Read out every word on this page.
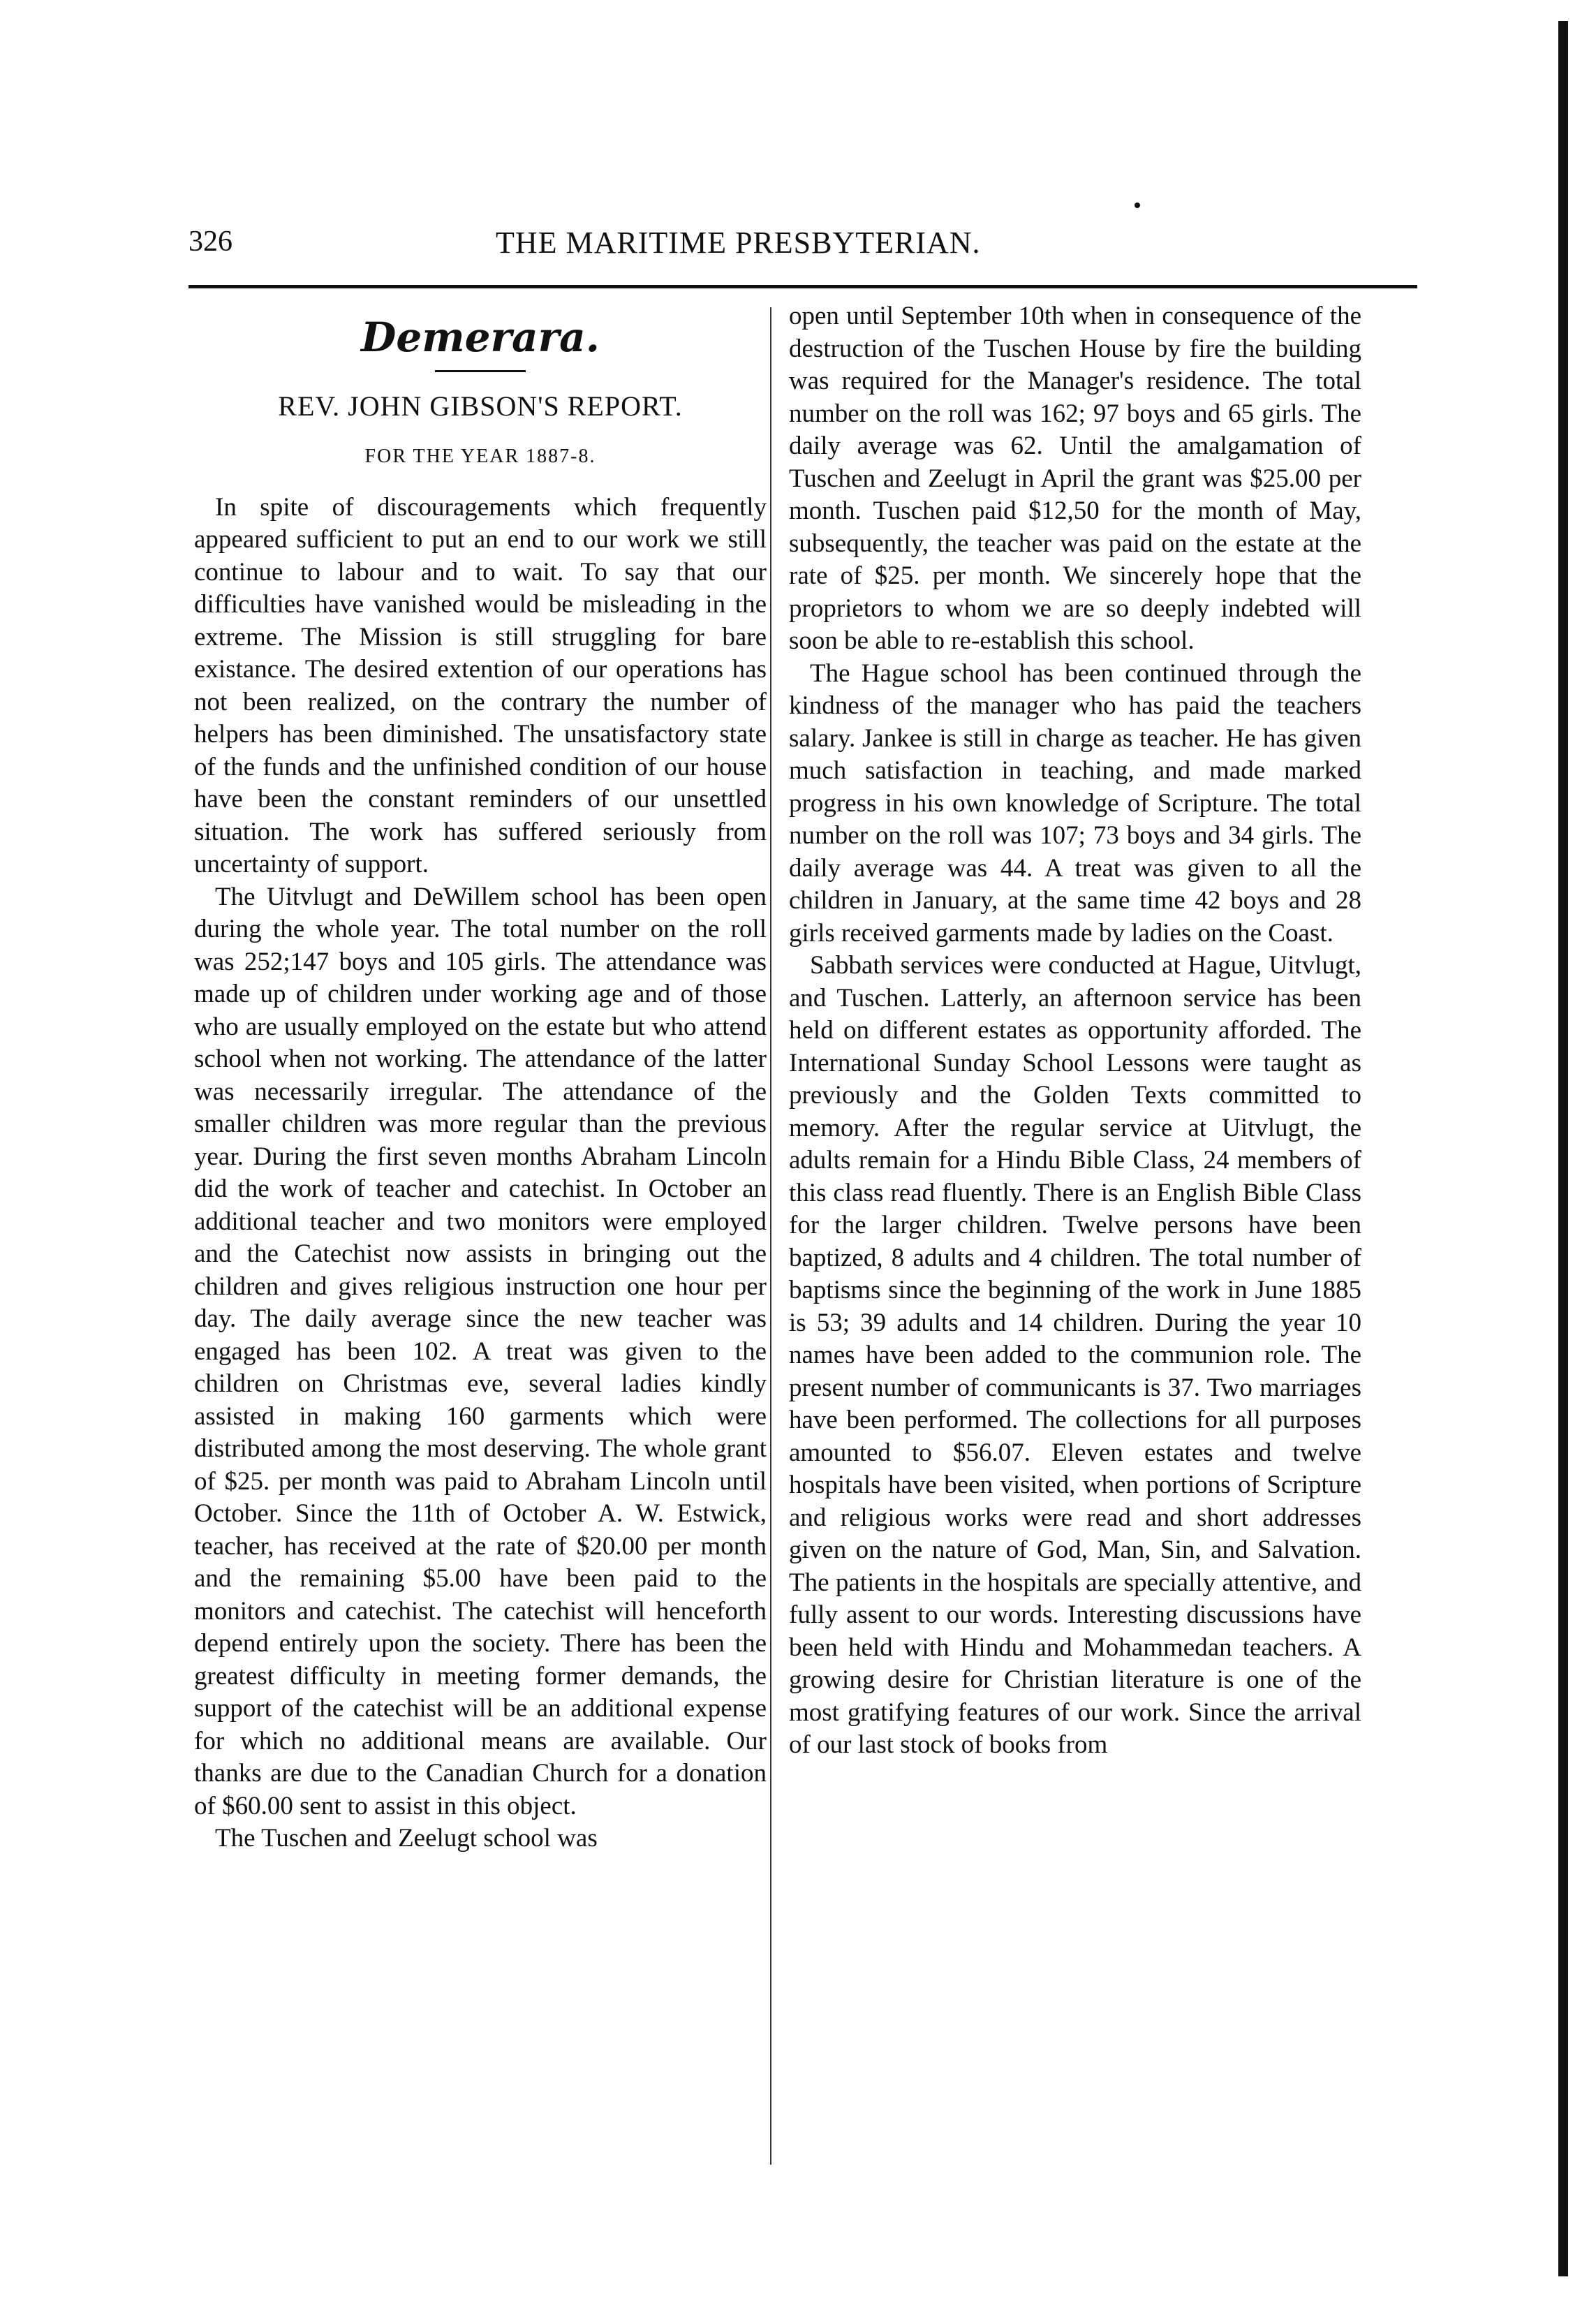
326	THE MARITIME PRESBYTERIAN.
Demerara.
REV. JOHN GIBSON'S REPORT.
FOR THE YEAR 1887-8.

In spite of discouragements which frequently appeared sufficient to put an end to our work we still continue to labour and to wait. To say that our difficulties have vanished would be misleading in the extreme. The Mission is still struggling for bare existance. The desired extention of our operations has not been realized, on the contrary the number of helpers has been diminished. The unsatisfactory state of the funds and the unfinished condition of our house have been the constant reminders of our unsettled situation. The work has suffered seriously from uncertainty of support.

The Uitvlugt and DeWillem school has been open during the whole year. The total number on the roll was 252;147 boys and 105 girls. The attendance was made up of children under working age and of those who are usually employed on the estate but who attend school when not working. The attendance of the latter was necessarily irregular. The attendance of the smaller children was more regular than the previous year. During the first seven months Abraham Lincoln did the work of teacher and catechist. In October an additional teacher and two monitors were employed and the Catechist now assists in bringing out the children and gives religious instruction one hour per day. The daily average since the new teacher was engaged has been 102. A treat was given to the children on Christmas eve, several ladies kindly assisted in making 160 garments which were distributed among the most deserving. The whole grant of $25. per month was paid to Abraham Lincoln until October. Since the 11th of October A. W. Estwick, teacher, has received at the rate of $20.00 per month and the remaining $5.00 have been paid to the monitors and catechist. The catechist will henceforth depend entirely upon the society. There has been the greatest difficulty in meeting former demands, the support of the catechist will be an additional expense for which no additional means are available. Our thanks are due to the Canadian Church for a donation of $60.00 sent to assist in this object.

The Tuschen and Zeelugt school was

open until September 10th when in consequence of the destruction of the Tuschen House by fire the building was required for the Manager's residence. The total number on the roll was 162; 97 boys and 65 girls. The daily average was 62. Until the amalgamation of Tuschen and Zeelugt in April the grant was $25.00 per month. Tuschen paid $12,50 for the month of May, subsequently, the teacher was paid on the estate at the rate of $25. per month. We sincerely hope that the proprietors to whom we are so deeply indebted will soon be able to re-establish this school.

The Hague school has been continued through the kindness of the manager who has paid the teachers salary. Jankee is still in charge as teacher. He has given much satisfaction in teaching, and made marked progress in his own knowledge of Scripture. The total number on the roll was 107; 73 boys and 34 girls. The daily average was 44. A treat was given to all the children in January, at the same time 42 boys and 28 girls received garments made by ladies on the Coast.

Sabbath services were conducted at Hague, Uitvlugt, and Tuschen. Latterly, an afternoon service has been held on different estates as opportunity afforded. The International Sunday School Lessons were taught as previously and the Golden Texts committed to memory. After the regular service at Uitvlugt, the adults remain for a Hindu Bible Class, 24 members of this class read fluently. There is an English Bible Class for the larger children. Twelve persons have been baptized, 8 adults and 4 children. The total number of baptisms since the beginning of the work in June 1885 is 53; 39 adults and 14 children. During the year 10 names have been added to the communion role. The present number of communicants is 37. Two marriages have been performed. The collections for all purposes amounted to $56.07. Eleven estates and twelve hospitals have been visited, when portions of Scripture and religious works were read and short addresses given on the nature of God, Man, Sin, and Salvation. The patients in the hospitals are specially attentive, and fully assent to our words. Interesting discussions have been held with Hindu and Mohammedan teachers. A growing desire for Christian literature is one of the most gratifying features of our work. Since the arrival of our last stock of books from
